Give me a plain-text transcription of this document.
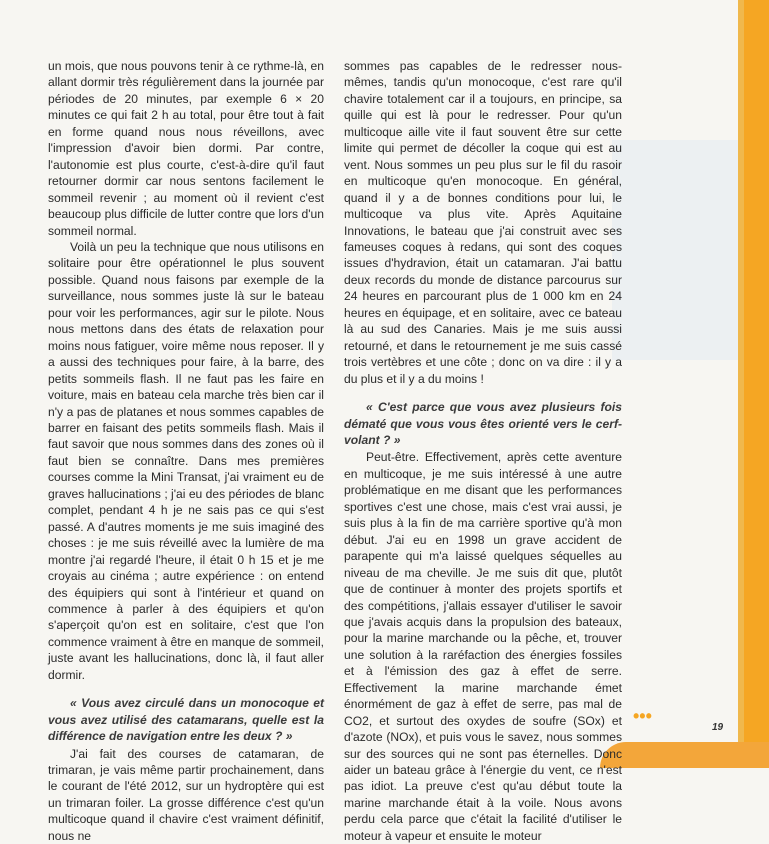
un mois, que nous pouvons tenir à ce rythme-là, en allant dormir très régulièrement dans la journée par périodes de 20 minutes, par exemple 6 × 20 minutes ce qui fait 2 h au total, pour être tout à fait en forme quand nous nous réveillons, avec l'impression d'avoir bien dormi. Par contre, l'autonomie est plus courte, c'est-à-dire qu'il faut retourner dormir car nous sentons facilement le sommeil revenir ; au moment où il revient c'est beaucoup plus difficile de lutter contre que lors d'un sommeil normal.

Voilà un peu la technique que nous utilisons en solitaire pour être opérationnel le plus souvent possible. Quand nous faisons par exemple de la surveillance, nous sommes juste là sur le bateau pour voir les performances, agir sur le pilote. Nous nous mettons dans des états de relaxation pour moins nous fatiguer, voire même nous reposer. Il y a aussi des techniques pour faire, à la barre, des petits sommeils flash. Il ne faut pas les faire en voiture, mais en bateau cela marche très bien car il n'y a pas de platanes et nous sommes capables de barrer en faisant des petits sommeils flash. Mais il faut savoir que nous sommes dans des zones où il faut bien se connaître. Dans mes premières courses comme la Mini Transat, j'ai vraiment eu de graves hallucinations ; j'ai eu des périodes de blanc complet, pendant 4 h je ne sais pas ce qui s'est passé. A d'autres moments je me suis imaginé des choses : je me suis réveillé avec la lumière de ma montre j'ai regardé l'heure, il était 0 h 15 et je me croyais au cinéma ; autre expérience : on entend des équipiers qui sont à l'intérieur et quand on commence à parler à des équipiers et qu'on s'aperçoit qu'on est en solitaire, c'est que l'on commence vraiment à être en manque de sommeil, juste avant les hallucinations, donc là, il faut aller dormir.

« Vous avez circulé dans un monocoque et vous avez utilisé des catamarans, quelle est la différence de navigation entre les deux ? »

J'ai fait des courses de catamaran, de trimaran, je vais même partir prochainement, dans le courant de l'été 2012, sur un hydroptère qui est un trimaran foiler. La grosse différence c'est qu'un multicoque quand il chavire c'est vraiment définitif, nous ne

sommes pas capables de le redresser nous-mêmes, tandis qu'un monocoque, c'est rare qu'il chavire totalement car il a toujours, en principe, sa quille qui est là pour le redresser. Pour qu'un multicoque aille vite il faut souvent être sur cette limite qui permet de décoller la coque qui est au vent. Nous sommes un peu plus sur le fil du rasoir en multicoque qu'en monocoque. En général, quand il y a de bonnes conditions pour lui, le multicoque va plus vite. Après Aquitaine Innovations, le bateau que j'ai construit avec ses fameuses coques à redans, qui sont des coques issues d'hydravion, était un catamaran. J'ai battu deux records du monde de distance parcourus sur 24 heures en parcourant plus de 1 000 km en 24 heures en équipage, et en solitaire, avec ce bateau là au sud des Canaries. Mais je me suis aussi retourné, et dans le retournement je me suis cassé trois vertèbres et une côte ; donc on va dire : il y a du plus et il y a du moins !

« C'est parce que vous avez plusieurs fois dématé que vous vous êtes orienté vers le cerf-volant ? »

Peut-être. Effectivement, après cette aventure en multicoque, je me suis intéressé à une autre problématique en me disant que les performances sportives c'est une chose, mais c'est vrai aussi, je suis plus à la fin de ma carrière sportive qu'à mon début. J'ai eu en 1998 un grave accident de parapente qui m'a laissé quelques séquelles au niveau de ma cheville. Je me suis dit que, plutôt que de continuer à monter des projets sportifs et des compétitions, j'allais essayer d'utiliser le savoir que j'avais acquis dans la propulsion des bateaux, pour la marine marchande ou la pêche, et, trouver une solution à la raréfaction des énergies fossiles et à l'émission des gaz à effet de serre. Effectivement la marine marchande émet énormément de gaz à effet de serre, pas mal de CO2, et surtout des oxydes de soufre (SOx) et d'azote (NOx), et puis vous le savez, nous sommes sur des sources qui ne sont pas éternelles. Donc aider un bateau grâce à l'énergie du vent, ce n'est pas idiot. La preuve c'est qu'au début toute la marine marchande était à la voile. Nous avons perdu cela parce que c'était la facilité d'utiliser le moteur à vapeur et ensuite le moteur

•••
19
